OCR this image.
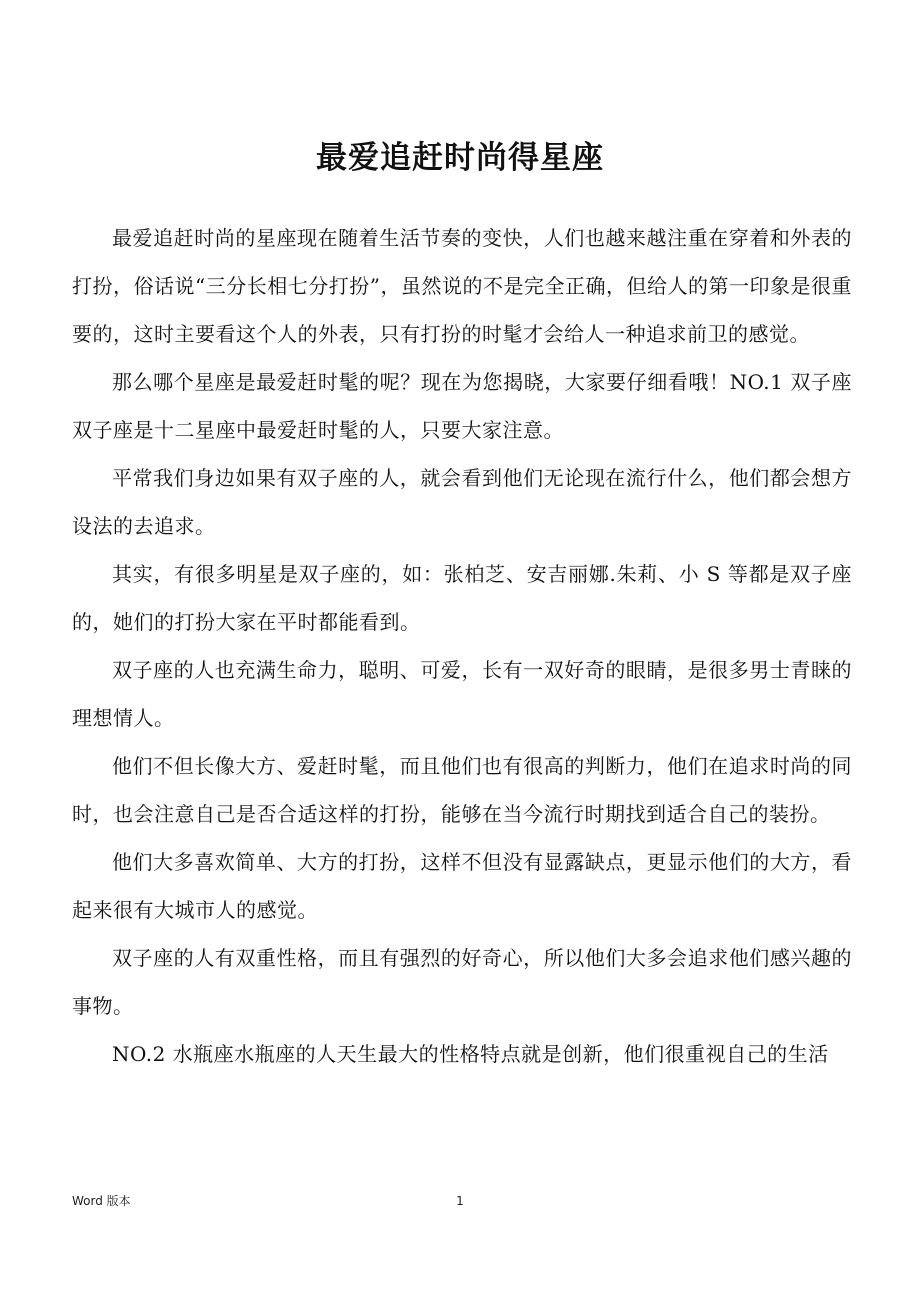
最爱追赶时尚得星座

最爱追赶时尚的星座现在随着生活节奏的变快，人们也越来越注重在穿着和外表的打扮，俗话说“三分长相七分打扮”，虽然说的不是完全正确，但给人的第一印象是很重要的，这时主要看这个人的外表，只有打扮的时髦才会给人一种追求前卫的感觉。

那么哪个星座是最爱赶时髦的呢？现在为您揭晓，大家要仔细看哦！NO.1 双子座双子座是十二星座中最爱赶时髦的人，只要大家注意。

平常我们身边如果有双子座的人，就会看到他们无论现在流行什么，他们都会想方设法的去追求。

其实，有很多明星是双子座的，如：张柏芝、安吉丽娜.朱莉、小 S 等都是双子座的，她们的打扮大家在平时都能看到。

双子座的人也充满生命力，聪明、可爱，长有一双好奇的眼睛，是很多男士青睐的理想情人。

他们不但长像大方、爱赶时髦，而且他们也有很高的判断力，他们在追求时尚的同时，也会注意自己是否合适这样的打扮，能够在当今流行时期找到适合自己的装扮。

他们大多喜欢简单、大方的打扮，这样不但没有显露缺点，更显示他们的大方，看起来很有大城市人的感觉。

双子座的人有双重性格，而且有强烈的好奇心，所以他们大多会追求他们感兴趣的事物。

NO.2 水瓶座水瓶座的人天生最大的性格特点就是创新，他们很重视自己的生活

Word 版本	1
